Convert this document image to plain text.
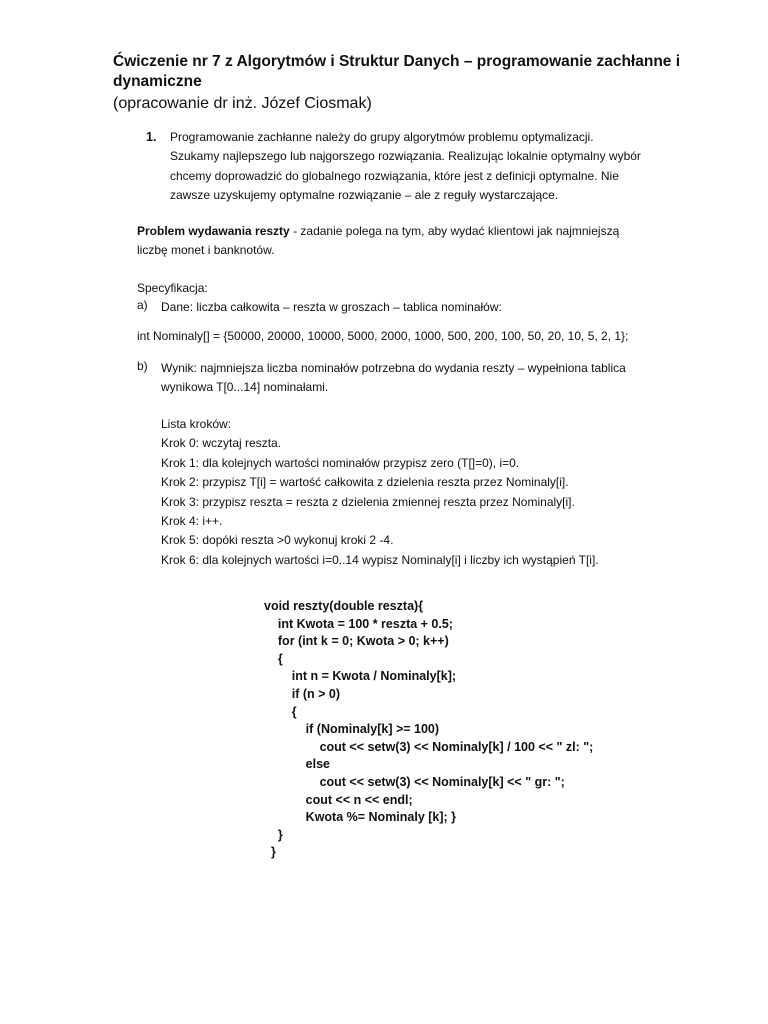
Ćwiczenie nr 7 z Algorytmów i Struktur Danych – programowanie zachłanne i dynamiczne
(opracowanie dr inż. Józef Ciosmak)
1. Programowanie zachłanne należy do grupy algorytmów problemu optymalizacji.
Szukamy najlepszego lub najgorszego rozwiązania. Realizując lokalnie optymalny wybór
chcemy doprowadzić do globalnego rozwiązania, które jest z definicji optymalne. Nie
zawsze uzyskujemy optymalne rozwiązanie – ale z reguły wystarczające.
Problem wydawania reszty - zadanie polega na tym, aby wydać klientowi jak najmniejszą
liczbę monet i banknotów.
Specyfikacja:
a) Dane: liczba całkowita – reszta w groszach – tablica nominałów:
int Nominaly[] = {50000, 20000, 10000, 5000, 2000, 1000, 500, 200, 100, 50, 20, 10, 5, 2, 1};
b) Wynik: najmniejsza liczba nominałów potrzebna do wydania reszty – wypełniona tablica
wynikowa T[0...14] nominałami.
Lista kroków:
Krok 0: wczytaj reszta.
Krok 1: dla kolejnych wartości nominałów przypisz zero (T[]=0), i=0.
Krok 2: przypisz T[i] = wartość całkowita z dzielenia reszta przez Nominaly[i].
Krok 3: przypisz reszta = reszta z dzielenia zmiennej reszta przez Nominaly[i].
Krok 4: i++.
Krok 5: dopóki reszta >0 wykonuj kroki 2 -4.
Krok 6: dla kolejnych wartości i=0..14 wypisz Nominaly[i] i liczby ich wystąpień T[i].
void reszty(double reszta){
int Kwota = 100 * reszta + 0.5;
for (int k = 0; Kwota > 0; k++)
{
int n = Kwota / Nominaly[k];
if (n > 0)
{
if (Nominaly[k] >= 100)
cout << setw(3) << Nominaly[k] / 100 << " zl: ";
else
cout << setw(3) << Nominaly[k] << " gr: ";
cout << n << endl;
Kwota %= Nominaly [k]; }
}
}
